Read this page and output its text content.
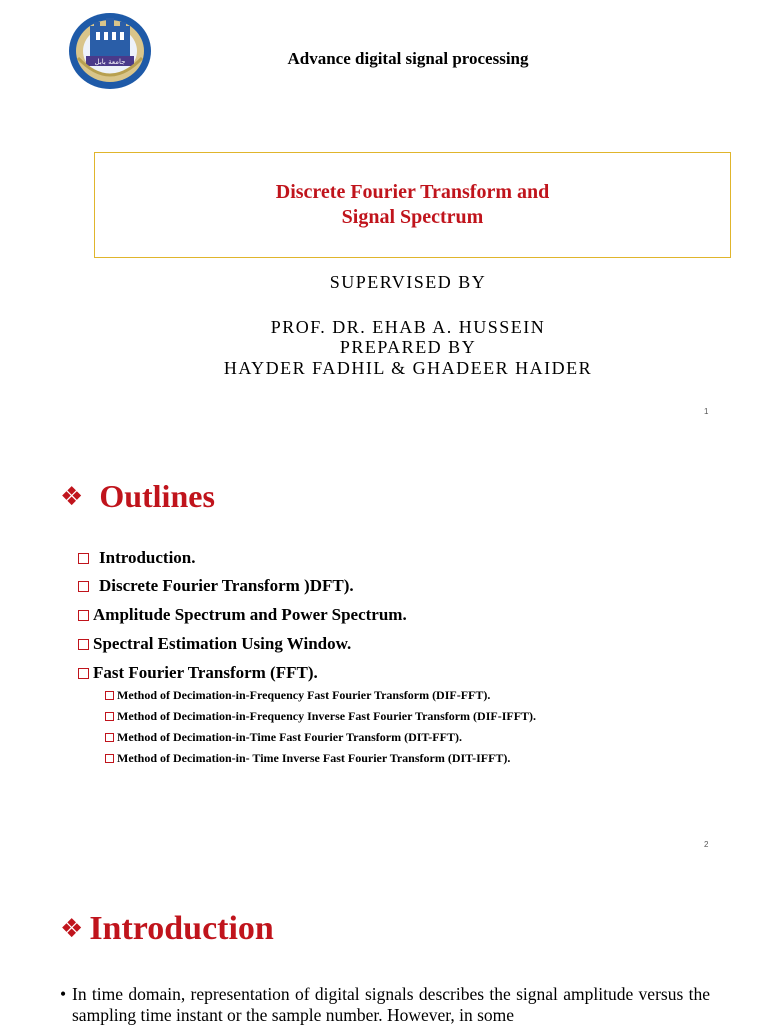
جامعة بابل	Advance digital signal processing
Discrete Fourier Transform and
Signal Spectrum
SUPERVISED BY
PROF. DR. EHAB A. HUSSEIN
PREPARED BY
HAYDER FADHIL & GHADEER HAIDER
1
❖ Outlines
Introduction.
Discrete Fourier Transform )DFT).
Amplitude Spectrum and Power Spectrum.
Spectral Estimation Using Window.
Fast Fourier Transform (FFT).
Method of Decimation-in-Frequency Fast Fourier Transform (DIF-FFT).
Method of Decimation-in-Frequency Inverse Fast Fourier Transform (DIF-IFFT).
Method of Decimation-in-Time Fast Fourier Transform (DIT-FFT).
Method of Decimation-in- Time Inverse Fast Fourier Transform (DIT-IFFT).
2
❖ Introduction
• In time domain, representation of digital signals describes the signal amplitude versus the sampling time instant or the sample number. However, in some
